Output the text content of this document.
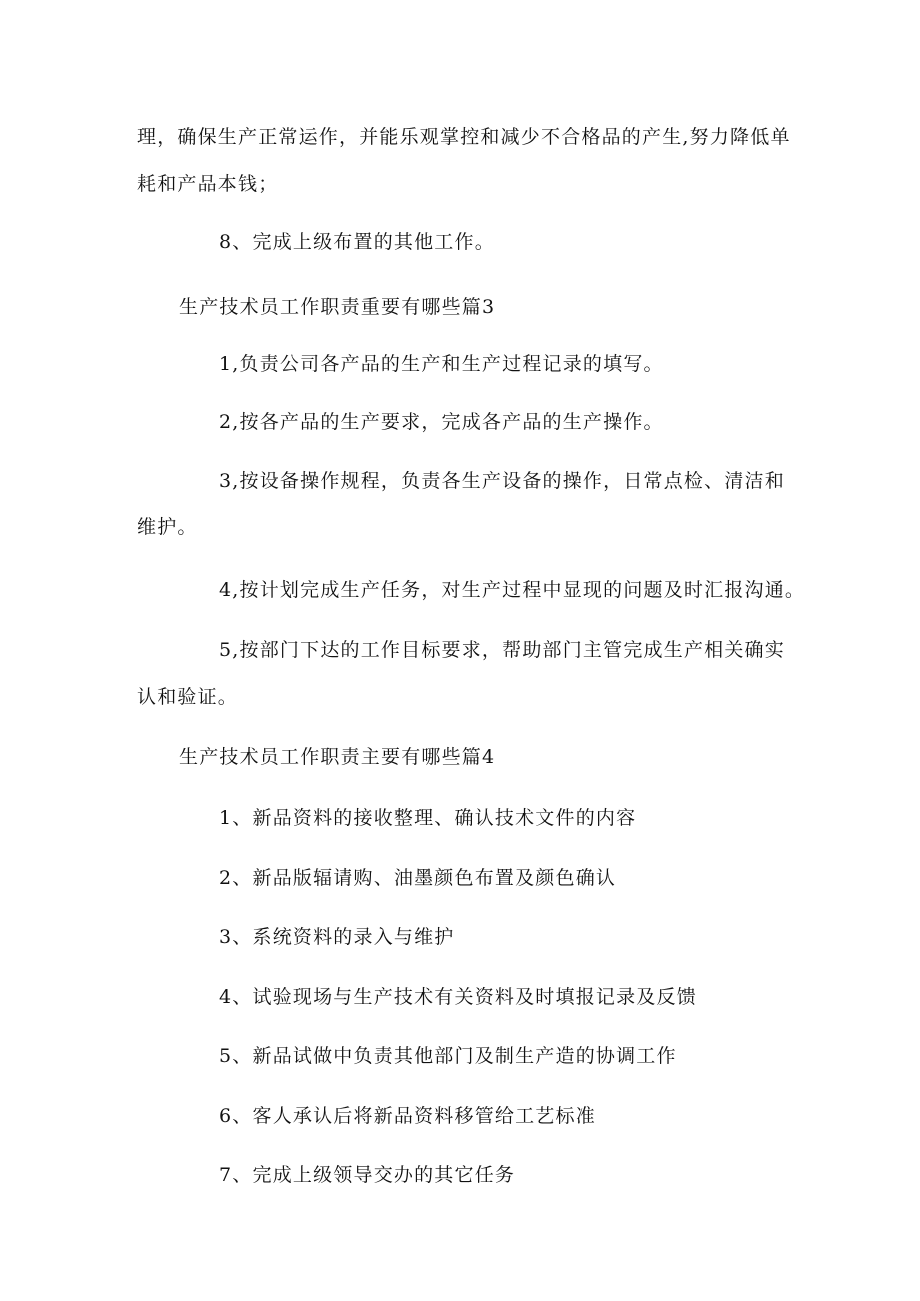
理，确保生产正常运作，并能乐观掌控和减少不合格品的产生,努力降低单
耗和产品本钱；
8、完成上级布置的其他工作。
生产技术员工作职责重要有哪些篇3
1,负责公司各产品的生产和生产过程记录的填写。
2,按各产品的生产要求，完成各产品的生产操作。
3,按设备操作规程，负责各生产设备的操作，日常点检、清洁和
维护。
4,按计划完成生产任务，对生产过程中显现的问题及时汇报沟通。
5,按部门下达的工作目标要求，帮助部门主管完成生产相关确实
认和验证。
生产技术员工作职责主要有哪些篇4
1、新品资料的接收整理、确认技术文件的内容
2、新品版辐请购、油墨颜色布置及颜色确认
3、系统资料的录入与维护
4、试验现场与生产技术有关资料及时填报记录及反馈
5、新品试做中负责其他部门及制生产造的协调工作
6、客人承认后将新品资料移管给工艺标准
7、完成上级领导交办的其它任务
